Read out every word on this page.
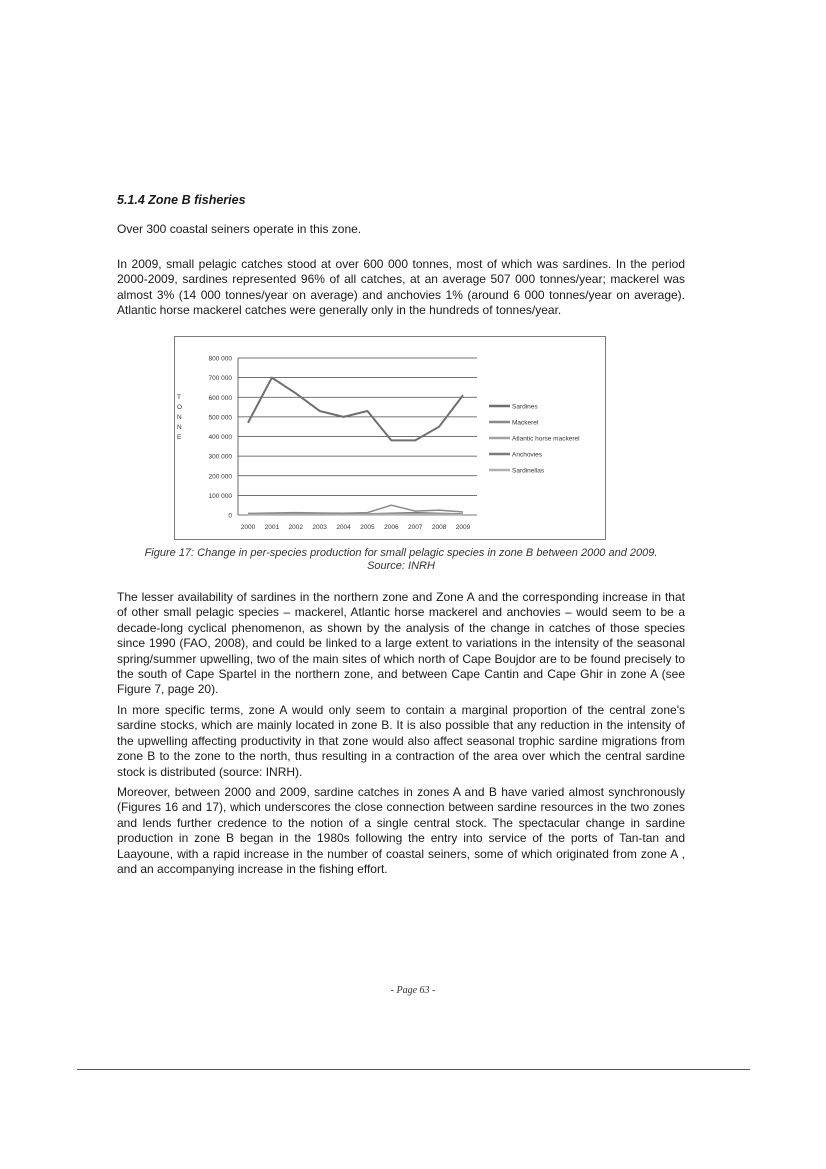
5.1.4 Zone B fisheries

Over 300 coastal seiners operate in this zone.

In 2009, small pelagic catches stood at over 600 000 tonnes, most of which was sardines. In the period 2000-2009, sardines represented 96% of all catches, at an average 507 000 tonnes/year; mackerel was almost 3% (14 000 tonnes/year on average) and anchovies 1% (around 6 000 tonnes/year on average). Atlantic horse mackerel catches were generally only in the hundreds of tonnes/year.

0
100 000
200 000
300 000
400 000
500 000
600 000
700 000
800 000
T
O
N
N
E
2000 2001 2002 2003 2004 2005 2006 2007 2008 2009
Sardines
Mackerel
Atlantic horse mackerel
Anchovies
Sardinellas

Figure 17: Change in per-species production for small pelagic species in zone B between 2000 and 2009.

Source: INRH

The lesser availability of sardines in the northern zone and Zone A and the corresponding increase in that of other small pelagic species – mackerel, Atlantic horse mackerel and anchovies – would seem to be a decade-long cyclical phenomenon, as shown by the analysis of the change in catches of those species since 1990 (FAO, 2008), and could be linked to a large extent to variations in the intensity of the seasonal spring/summer upwelling, two of the main sites of which north of Cape Boujdor are to be found precisely to the south of Cape Spartel in the northern zone, and between Cape Cantin and Cape Ghir in zone A (see Figure 7, page 20).

In more specific terms, zone A would only seem to contain a marginal proportion of the central zone's sardine stocks, which are mainly located in zone B. It is also possible that any reduction in the intensity of the upwelling affecting productivity in that zone would also affect seasonal trophic sardine migrations from zone B to the zone to the north, thus resulting in a contraction of the area over which the central sardine stock is distributed (source: INRH).

Moreover, between 2000 and 2009, sardine catches in zones A and B have varied almost synchronously (Figures 16 and 17), which underscores the close connection between sardine resources in the two zones and lends further credence to the notion of a single central stock. The spectacular change in sardine production in zone B began in the 1980s following the entry into service of the ports of Tan-tan and Laayoune, with a rapid increase in the number of coastal seiners, some of which originated from zone A , and an accompanying increase in the fishing effort.

- Page 63 -
